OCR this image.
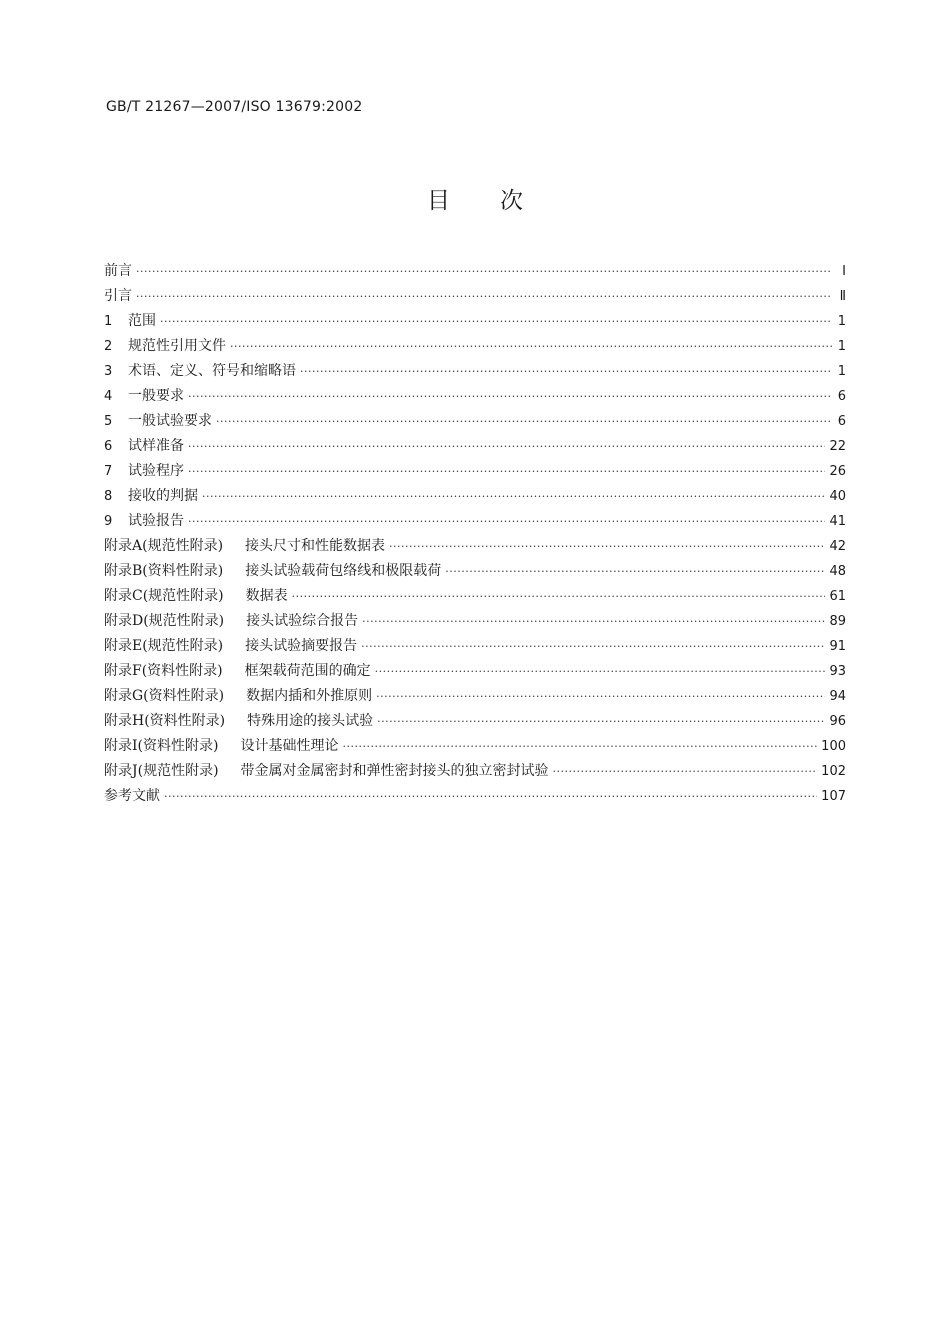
GB/T 21267—2007/ISO 13679:2002
目次
前言 ·····	Ⅰ
引言 ·····	Ⅱ
1 范围 ·····	1
2 规范性引用文件 ·····	1
3 术语、定义、符号和缩略语 ·····	1
4 一般要求 ·····	6
5 一般试验要求 ·····	6
6 试样准备 ·····	22
7 试验程序 ·····	26
8 接收的判据 ·····	40
9 试验报告 ·····	41
附录A(规范性附录) 接头尺寸和性能数据表 ·····	42
附录B(资料性附录) 接头试验载荷包络线和极限载荷 ·····	48
附录C(规范性附录) 数据表 ·····	61
附录D(规范性附录) 接头试验综合报告 ·····	89
附录E(规范性附录) 接头试验摘要报告 ·····	91
附录F(资料性附录) 框架载荷范围的确定 ·····	93
附录G(资料性附录) 数据内插和外推原则 ·····	94
附录H(资料性附录) 特殊用途的接头试验 ·····	96
附录I(资料性附录) 设计基础性理论 ·····	100
附录J(规范性附录) 带金属对金属密封和弹性密封接头的独立密封试验 ·····	102
参考文献 ·····	107
